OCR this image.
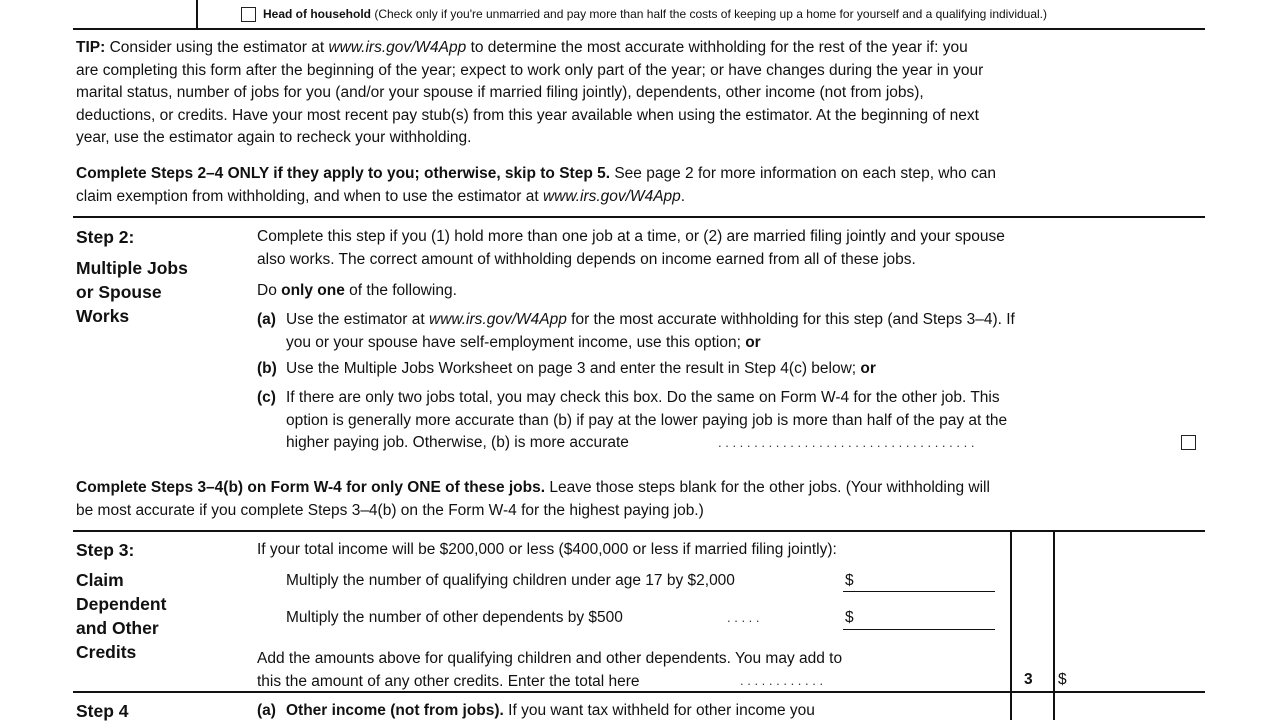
Head of household (Check only if you're unmarried and pay more than half the costs of keeping up a home for yourself and a qualifying individual.)
TIP: Consider using the estimator at www.irs.gov/W4App to determine the most accurate withholding for the rest of the year if: you
are completing this form after the beginning of the year; expect to work only part of the year; or have changes during the year in your
marital status, number of jobs for you (and/or your spouse if married filing jointly), dependents, other income (not from jobs),
deductions, or credits. Have your most recent pay stub(s) from this year available when using the estimator. At the beginning of next
year, use the estimator again to recheck your withholding.
Complete Steps 2–4 ONLY if they apply to you; otherwise, skip to Step 5. See page 2 for more information on each step, who can
claim exemption from withholding, and when to use the estimator at www.irs.gov/W4App.
Step 2:
Multiple Jobs
or Spouse
Works
Complete this step if you (1) hold more than one job at a time, or (2) are married filing jointly and your spouse
also works. The correct amount of withholding depends on income earned from all of these jobs.
Do only one of the following.
(a) Use the estimator at www.irs.gov/W4App for the most accurate withholding for this step (and Steps 3–4). If
you or your spouse have self-employment income, use this option; or
(b) Use the Multiple Jobs Worksheet on page 3 and enter the result in Step 4(c) below; or
(c) If there are only two jobs total, you may check this box. Do the same on Form W-4 for the other job. This
option is generally more accurate than (b) if pay at the lower paying job is more than half of the pay at the
higher paying job. Otherwise, (b) is more accurate	. . . . . . . . . . . . . . . . . . . . . . . . . . . . . . . . . . . .
Complete Steps 3–4(b) on Form W-4 for only ONE of these jobs. Leave those steps blank for the other jobs. (Your withholding will
be most accurate if you complete Steps 3–4(b) on the Form W-4 for the highest paying job.)
Step 3:
Claim
Dependent
and Other
Credits
If your total income will be $200,000 or less ($400,000 or less if married filing jointly):
Multiply the number of qualifying children under age 17 by $2,000	$
Multiply the number of other dependents by $500	. . . . .	$
Add the amounts above for qualifying children and other dependents. You may add to
this the amount of any other credits. Enter the total here	. . . . . . . . . . . .	3 $
Step 4	(a) Other income (not from jobs). If you want tax withheld for other income you
